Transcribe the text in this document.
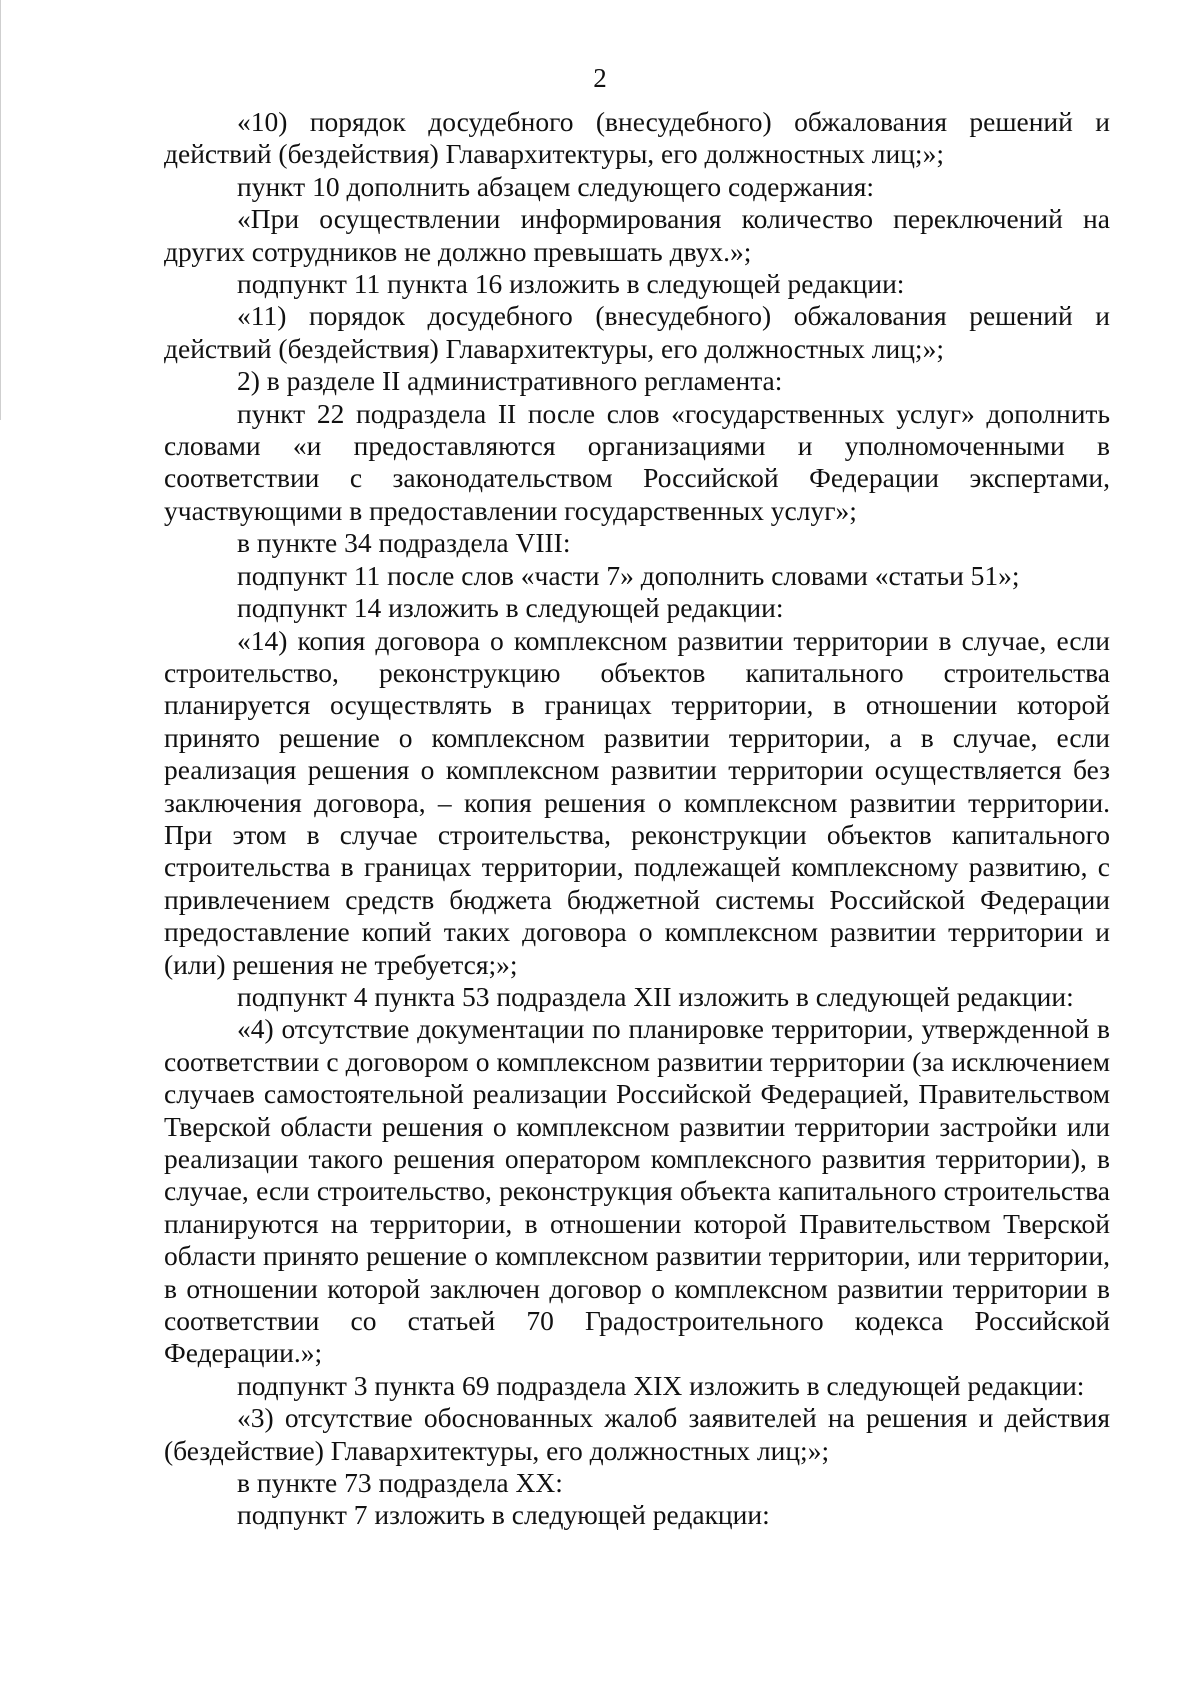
2

«10) порядок досудебного (внесудебного) обжалования решений и действий (бездействия) Главархитектуры, его должностных лиц;»;

пункт 10 дополнить абзацем следующего содержания:

«При осуществлении информирования количество переключений на других сотрудников не должно превышать двух.»;

подпункт 11 пункта 16 изложить в следующей редакции:

«11) порядок досудебного (внесудебного) обжалования решений и действий (бездействия) Главархитектуры, его должностных лиц;»;

2) в разделе II административного регламента:

пункт 22 подраздела II после слов «государственных услуг» дополнить словами «и предоставляются организациями и уполномоченными в соответствии с законодательством Российской Федерации экспертами, участвующими в предоставлении государственных услуг»;

в пункте 34 подраздела VIII:

подпункт 11 после слов «части 7» дополнить словами «статьи 51»;

подпункт 14 изложить в следующей редакции:

«14) копия договора о комплексном развитии территории в случае, если строительство, реконструкцию объектов капитального строительства планируется осуществлять в границах территории, в отношении которой принято решение о комплексном развитии территории, а в случае, если реализация решения о комплексном развитии территории осуществляется без заключения договора, – копия решения о комплексном развитии территории. При этом в случае строительства, реконструкции объектов капитального строительства в границах территории, подлежащей комплексному развитию, с привлечением средств бюджета бюджетной системы Российской Федерации предоставление копий таких договора о комплексном развитии территории и (или) решения не требуется;»;

подпункт 4 пункта 53 подраздела XII изложить в следующей редакции:

«4) отсутствие документации по планировке территории, утвержденной в соответствии с договором о комплексном развитии территории (за исключением случаев самостоятельной реализации Российской Федерацией, Правительством Тверской области решения о комплексном развитии территории застройки или реализации такого решения оператором комплексного развития территории), в случае, если строительство, реконструкция объекта капитального строительства планируются на территории, в отношении которой Правительством Тверской области принято решение о комплексном развитии территории, или территории, в отношении которой заключен договор о комплексном развитии территории в соответствии со статьей 70 Градостроительного кодекса Российской Федерации.»;

подпункт 3 пункта 69 подраздела XIX изложить в следующей редакции:

«3) отсутствие обоснованных жалоб заявителей на решения и действия (бездействие) Главархитектуры, его должностных лиц;»;

в пункте 73 подраздела XX:

подпункт 7 изложить в следующей редакции:
